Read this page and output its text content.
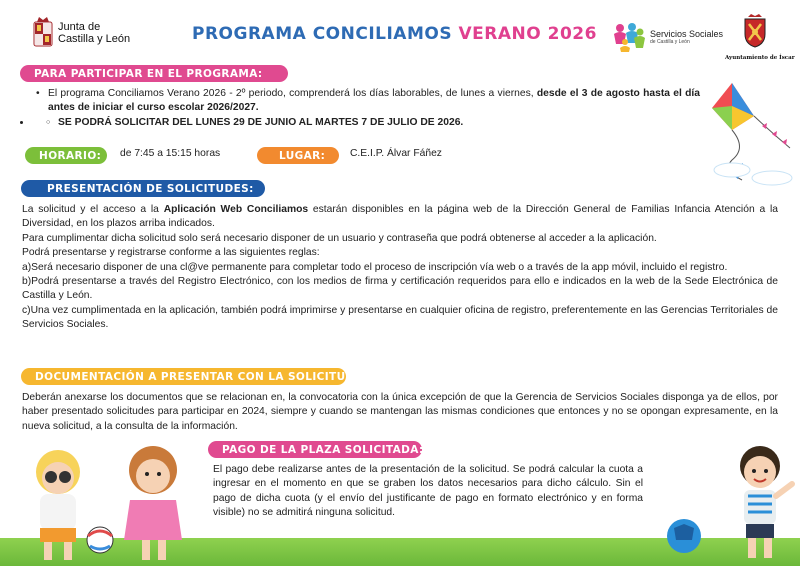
Junta de
Castilla y León	PROGRAMA CONCILIAMOS VERANO 2026	Servicios Sociales
de Castilla y León
Ayuntamiento de Íscar
PARA PARTICIPAR EN EL PROGRAMA:
• El programa Conciliamos Verano 2026 - 2º periodo, comprenderá los días laborables, de lunes a viernes, desde el 3 de agosto hasta el día antes de iniciar el curso escolar 2026/2027.
○ • SE PODRÁ SOLICITAR DEL LUNES 29 DE JUNIO AL MARTES 7 DE JULIO DE 2026.
HORARIO:	de 7:45 a 15:15 horas	LUGAR:	C.E.I.P. Álvar Fáñez
PRESENTACIÓN DE SOLICITUDES:
La solicitud y el acceso a la Aplicación Web Conciliamos estarán disponibles en la página web de la Dirección General de Familias Infancia Atención a la Diversidad, en los plazos arriba indicados.
Para cumplimentar dicha solicitud solo será necesario disponer de un usuario y contraseña que podrá obtenerse al acceder a la aplicación.
Podrá presentarse y registrarse conforme a las siguientes reglas:
a)Será necesario disponer de una cl@ve permanente para completar todo el proceso de inscripción vía web o a través de la app móvil, incluido el registro.
b)Podrá presentarse a través del Registro Electrónico, con los medios de firma y certificación requeridos para ello e indicados en la web de la Sede Electrónica de Castilla y León.
c)Una vez cumplimentada en la aplicación, también podrá imprimirse y presentarse en cualquier oficina de registro, preferentemente en las Gerencias Territoriales de Servicios Sociales.
DOCUMENTACIÓN A PRESENTAR CON LA SOLICITUD:
Deberán anexarse los documentos que se relacionan en, la convocatoria con la única excepción de que la Gerencia de Servicios Sociales disponga ya de ellos, por haber presentado solicitudes para participar en 2024, siempre y cuando se mantengan las mismas condiciones que entonces y no se opongan expresamente, en la nueva solicitud, a la consulta de la información.
PAGO DE LA PLAZA SOLICITADA:
El pago debe realizarse antes de la presentación de la solicitud. Se podrá calcular la cuota a ingresar en el momento en que se graben los datos necesarios para dicho cálculo. Sin el pago de dicha cuota (y el envío del justificante de pago en formato electrónico y en forma visible) no se admitirá ninguna solicitud.
